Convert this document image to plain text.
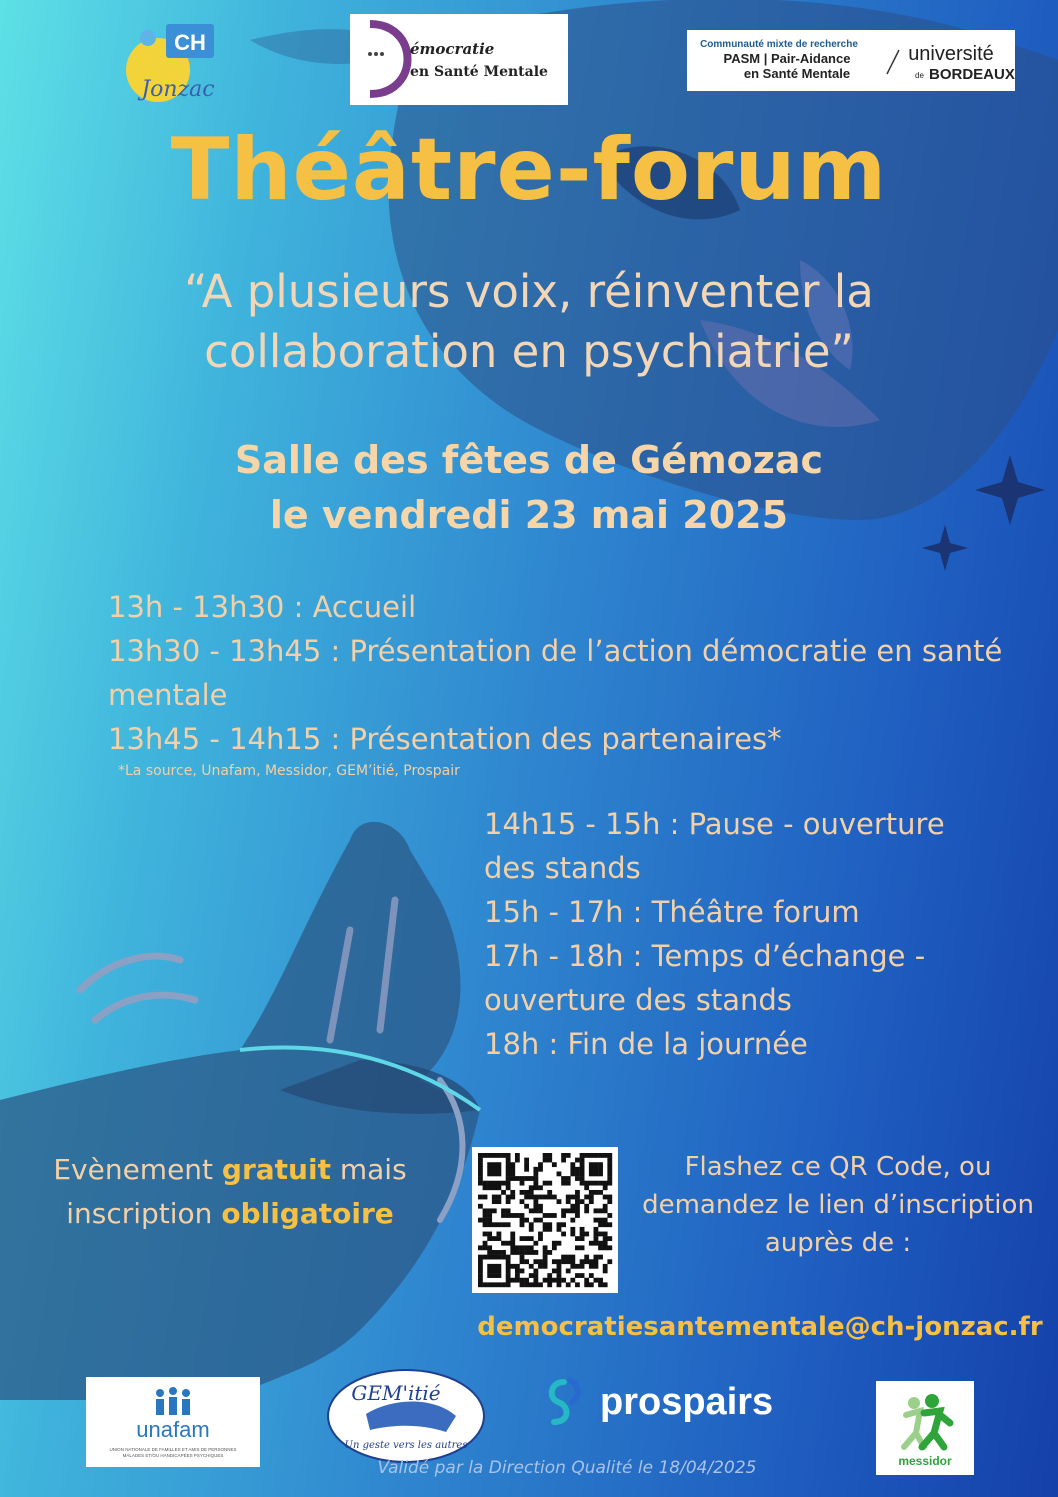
CH
Jonzac
émocratie
en Santé Mentale
Communauté mixte de recherche
PASM | Pair-Aidance
en Santé Mentale
université
de BORDEAUX
Théâtre-forum
“A plusieurs voix, réinventer la
collaboration en psychiatrie”
Salle des fêtes de Gémozac
le vendredi 23 mai 2025
13h - 13h30 : Accueil
13h30 - 13h45 : Présentation de l’action démocratie en santé mentale
13h45 - 14h15 : Présentation des partenaires*
*La source, Unafam, Messidor, GEM’itié, Prospair
14h15 - 15h : Pause - ouverture des stands
15h - 17h : Théâtre forum
17h - 18h : Temps d’échange - ouverture des stands
18h : Fin de la journée
Evènement gratuit mais inscription obligatoire
Flashez ce QR Code, ou
demandez le lien d’inscription
auprès de :
democratiesantementale@ch-jonzac.fr
unafam
UNION NATIONALE DE FAMILLES ET AMIS DE PERSONNES
MALADES ET/OU HANDICAPÉES PSYCHIQUES
GEM'itié
Un geste vers les autres
prospairs
messidor
Validé par la Direction Qualité le 18/04/2025
